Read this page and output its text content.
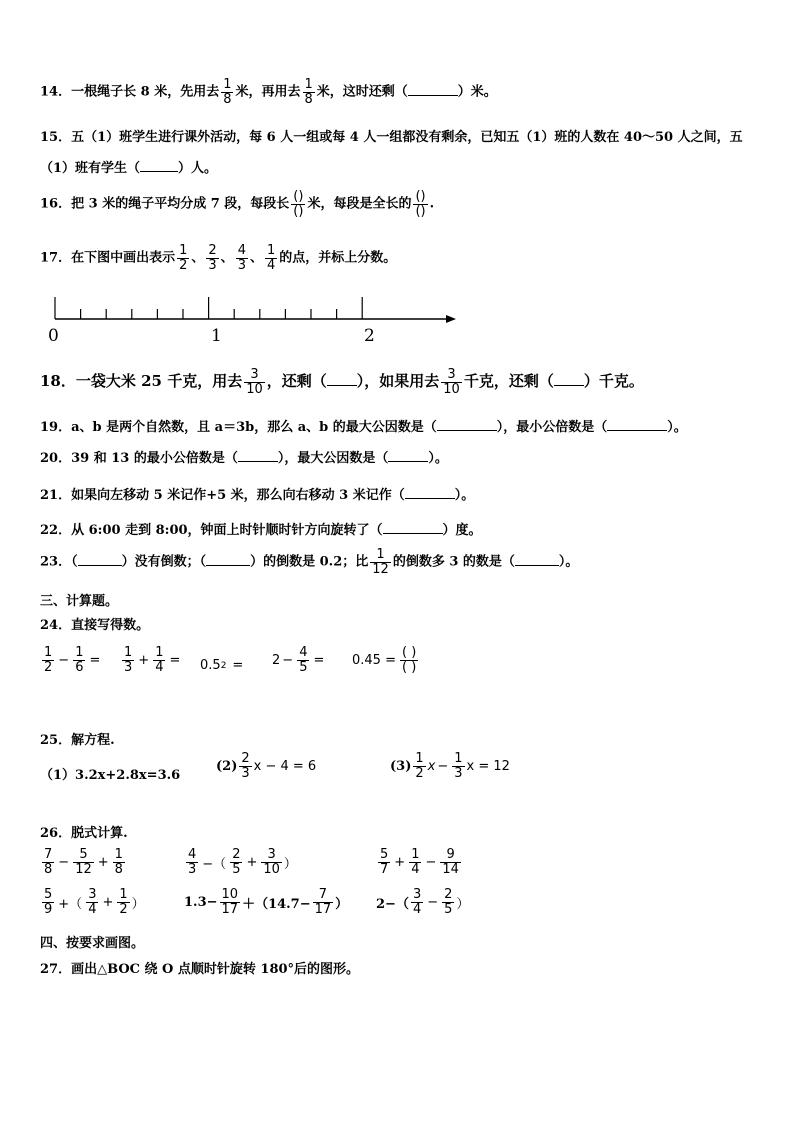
14．一根绳子长 8 米，先用去 $\frac{1}{8}$ 米，再用去 $\frac{1}{8}$ 米，这时还剩（	）米。
15．五（1）班学生进行课外活动，每 6 人一组或每 4 人一组都没有剩余，已知五（1）班的人数在 40～50 人之间，五
（1）班有学生（	）人。
16．把 3 米的绳子平均分成 7 段，每段长 $\frac{()}{()}$ 米，每段是全长的 $\frac{()}{()}$ .
17．在下图中画出表示 $\frac{1}{2}$ 、 $\frac{2}{3}$ 、 $\frac{4}{3}$ 、 $\frac{1}{4}$ 的点，并标上分数。
0	1	2
18．一袋大米 25 千克，用去 $\frac{3}{10}$ ，还剩（ ），如果用去 $\frac{3}{10}$ 千克，还剩（ ）千克。
19．a、b 是两个自然数，且 a＝3b，那么 a、b 的最大公因数是（	），最小公倍数是（	）。
20．39 和 13 的最小公倍数是（	），最大公因数是（	）。
21．如果向左移动 5 米记作+5 米，那么向右移动 3 米记作（	）。
22．从 6:00 走到 8:00，钟面上时针顺时针方向旋转了（	）度。
23．（	）没有倒数；（	）的倒数是 0.2；比 $\frac{1}{12}$ 的倒数多 3 的数是（	）。
三、计算题。
24．直接写得数。
$\frac{1}{2} - \frac{1}{6} = \frac{1}{3} + \frac{1}{4} = 0.5$ $2 = 2 - \frac{4}{5} = 0.45 = \frac{( )}{( )}$
25．解方程.
（1）3.2x+2.8x=3.6
$(2) \frac{2}{3}$ x − 4 = 6	$(3) \frac{1}{2}$ $x - \frac{1}{3}$ x = 12
26．脱式计算.
$\frac{7}{8} - \frac{5}{12} + \frac{1}{8}$	$\frac{4}{3}$ −（ $\frac{2}{5} + \frac{3}{10}$ ）	$\frac{5}{7} + \frac{1}{4} - \frac{9}{14}$
$\frac{5}{9}$ +（ $\frac{3}{4} + \frac{1}{2}$ ）	$1.3- \frac{10}{17} +(14.7- \frac{7}{17}$ ） $2-( \frac{3}{4} - \frac{2}{5}$ ）
四、按要求画图。
27．画出△BOC 绕 O 点顺时针旋转 180°后的图形。
